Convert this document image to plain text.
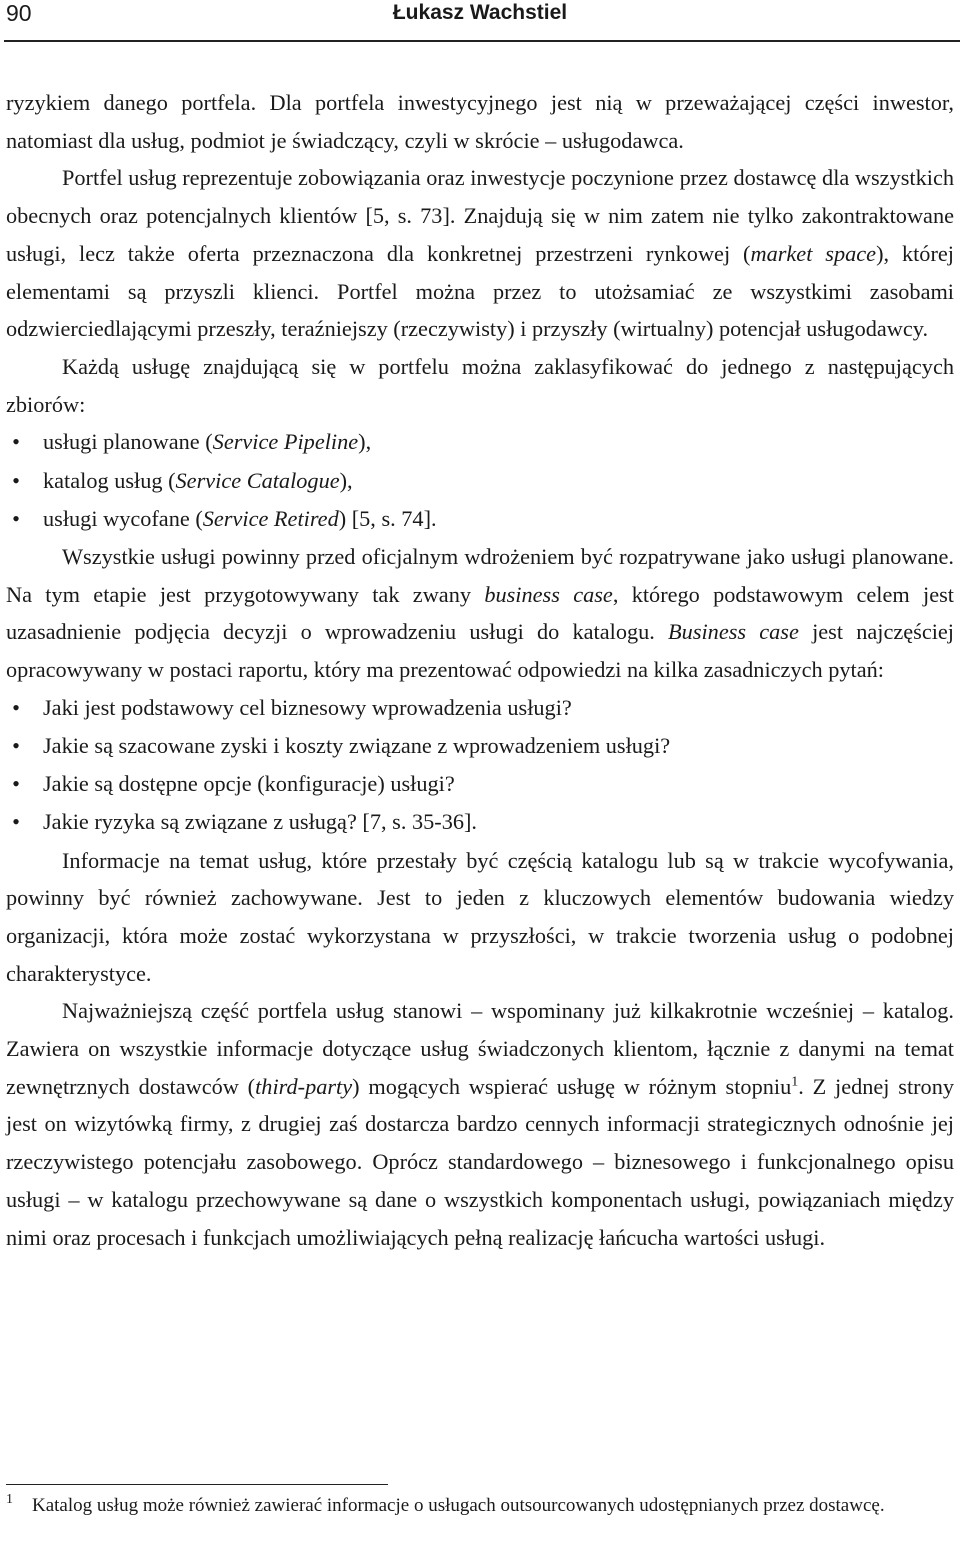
90	Łukasz Wachstiel

ryzykiem danego portfela. Dla portfela inwestycyjnego jest nią w przeważającej części inwestor, natomiast dla usług, podmiot je świadczący, czyli w skrócie – usługodawca.

Portfel usług reprezentuje zobowiązania oraz inwestycje poczynione przez dostawcę dla wszystkich obecnych oraz potencjalnych klientów [5, s. 73]. Znajdują się w nim zatem nie tylko zakontraktowane usługi, lecz także oferta przeznaczona dla konkretnej przestrzeni rynkowej (market space), której elementami są przyszli klienci. Portfel można przez to utożsamiać ze wszystkimi zasobami odzwierciedlającymi przeszły, teraźniejszy (rzeczywisty) i przyszły (wirtualny) potencjał usługodawcy.

Każdą usługę znajdującą się w portfelu można zaklasyfikować do jednego z następujących zbiorów:

• usługi planowane (Service Pipeline),
• katalog usług (Service Catalogue),
• usługi wycofane (Service Retired) [5, s. 74].

Wszystkie usługi powinny przed oficjalnym wdrożeniem być rozpatrywane jako usługi planowane. Na tym etapie jest przygotowywany tak zwany business case, którego podstawowym celem jest uzasadnienie podjęcia decyzji o wprowadzeniu usługi do katalogu. Business case jest najczęściej opracowywany w postaci raportu, który ma prezentować odpowiedzi na kilka zasadniczych pytań:

• Jaki jest podstawowy cel biznesowy wprowadzenia usługi?
• Jakie są szacowane zyski i koszty związane z wprowadzeniem usługi?
• Jakie są dostępne opcje (konfiguracje) usługi?
• Jakie ryzyka są związane z usługą? [7, s. 35-36].

Informacje na temat usług, które przestały być częścią katalogu lub są w trakcie wycofywania, powinny być również zachowywane. Jest to jeden z kluczowych elementów budowania wiedzy organizacji, która może zostać wykorzystana w przyszłości, w trakcie tworzenia usług o podobnej charakterystyce.

Najważniejszą część portfela usług stanowi – wspominany już kilkakrotnie wcześniej – katalog. Zawiera on wszystkie informacje dotyczące usług świadczonych klientom, łącznie z danymi na temat zewnętrznych dostawców (third-party) mogących wspierać usługę w różnym stopniu$^1$. Z jednej strony jest on wizytówką firmy, z drugiej zaś dostarcza bardzo cennych informacji strategicznych odnośnie jej rzeczywistego potencjału zasobowego. Oprócz standardowego – biznesowego i funkcjonalnego opisu usługi – w katalogu przechowywane są dane o wszystkich komponentach usługi, powiązaniach między nimi oraz procesach i funkcjach umożliwiających pełną realizację łańcucha wartości usługi.

1	Katalog usług może również zawierać informacje o usługach outsourcowanych udostępnianych przez dostawcę.
